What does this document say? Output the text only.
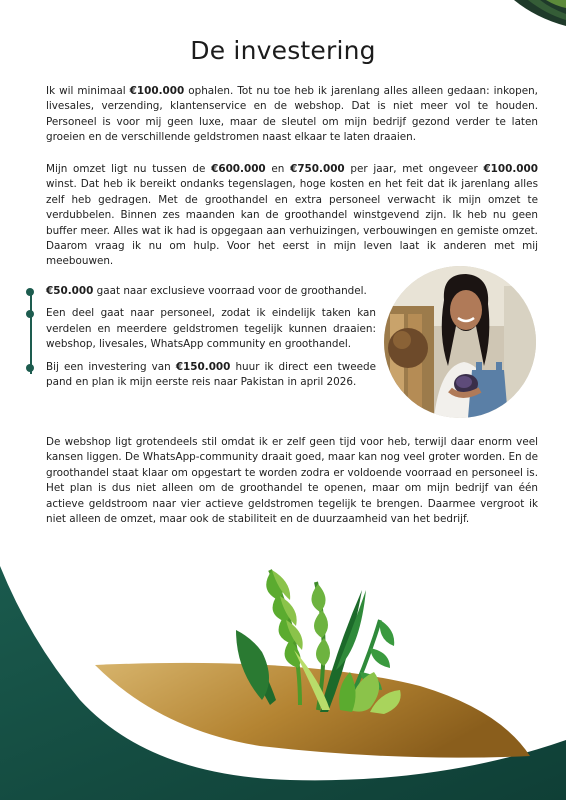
De investering

Ik wil minimaal €100.000 ophalen. Tot nu toe heb ik jarenlang alles alleen gedaan: inkopen, livesales, verzending, klantenservice en de webshop. Dat is niet meer vol te houden. Personeel is voor mij geen luxe, maar de sleutel om mijn bedrijf gezond verder te laten groeien en de verschillende geldstromen naast elkaar te laten draaien.

Mijn omzet ligt nu tussen de €600.000 en €750.000 per jaar, met ongeveer €100.000 winst. Dat heb ik bereikt ondanks tegenslagen, hoge kosten en het feit dat ik jarenlang alles zelf heb gedragen. Met de groothandel en extra personeel verwacht ik mijn omzet te verdubbelen. Binnen zes maanden kan de groothandel winstgevend zijn. Ik heb nu geen buffer meer. Alles wat ik had is opgegaan aan verhuizingen, verbouwingen en gemiste omzet. Daarom vraag ik nu om hulp. Voor het eerst in mijn leven laat ik anderen met mij meebouwen.

€50.000 gaat naar exclusieve voorraad voor de groothandel.
Een deel gaat naar personeel, zodat ik eindelijk taken kan verdelen en meerdere geldstromen tegelijk kunnen draaien: webshop, livesales, WhatsApp community en groothandel.
Bij een investering van €150.000 huur ik direct een tweede pand en plan ik mijn eerste reis naar Pakistan in april 2026.

De webshop ligt grotendeels stil omdat ik er zelf geen tijd voor heb, terwijl daar enorm veel kansen liggen. De WhatsApp-community draait goed, maar kan nog veel groter worden. En de groothandel staat klaar om opgestart te worden zodra er voldoende voorraad en personeel is. Het plan is dus niet alleen om de groothandel te openen, maar om mijn bedrijf van één actieve geldstroom naar vier actieve geldstromen tegelijk te brengen. Daarmee vergroot ik niet alleen de omzet, maar ook de stabiliteit en de duurzaamheid van het bedrijf.
